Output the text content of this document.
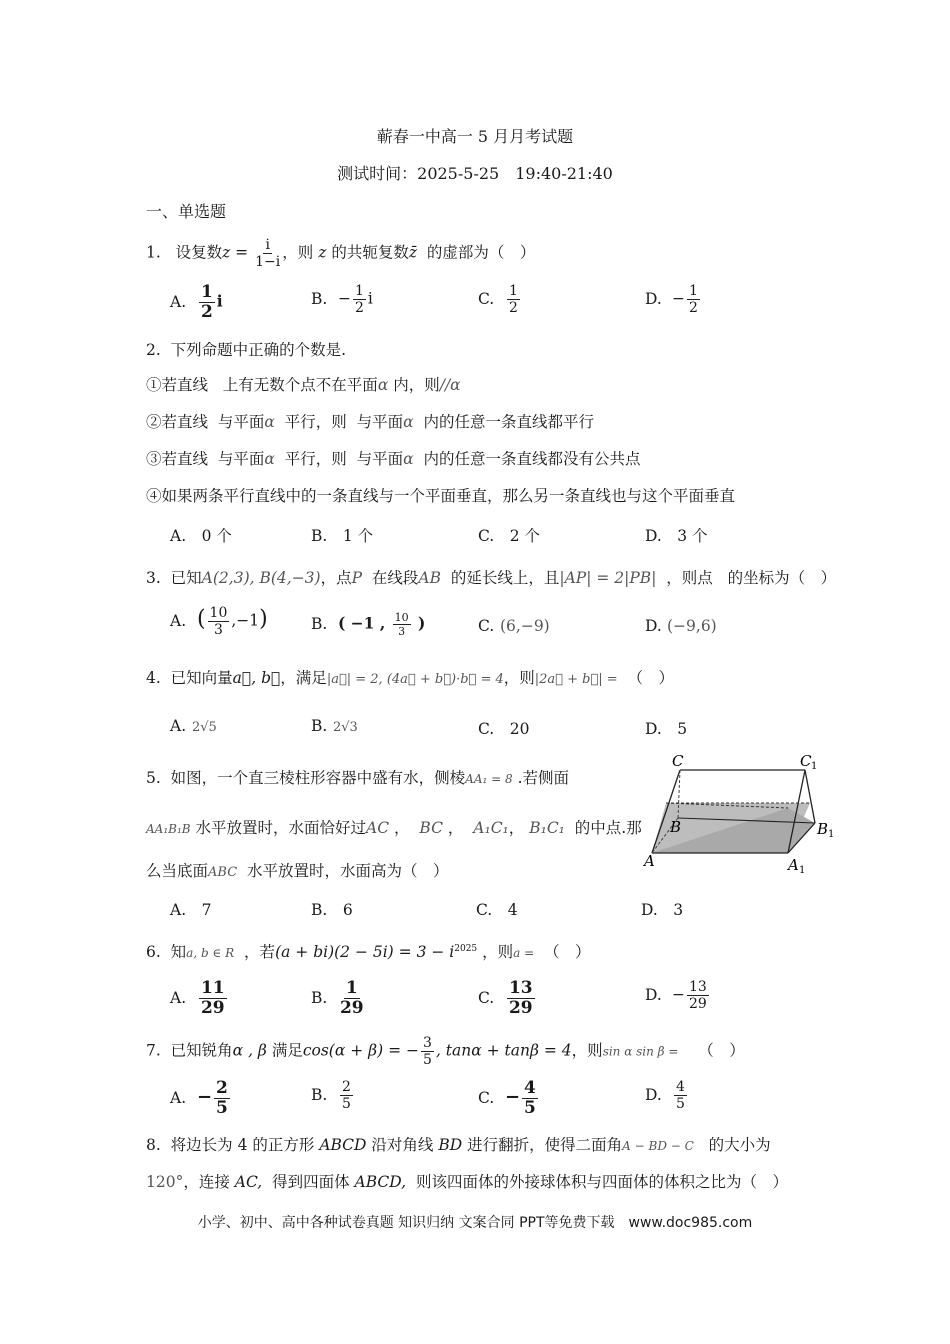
蕲春一中高一 5 月月考试题
测试时间：2025-5-25　19:40-21:40
一、单选题
1. 设复数$z = \frac{i}{1-i}$ ，则 z 的共轭复数z̄ 的虚部为（　）
A. $\frac{1}{2}$ i	B. − $\frac{1}{2}$ i	C. $\frac{1}{2}$	D. − $\frac{1}{2}$
2. 下列命题中正确的个数是.
①若直线 上有无数个点不在平面α 内，则//α
②若直线 与平面α 平行，则 与平面α 内的任意一条直线都平行
③若直线 与平面α 平行，则 与平面α 内的任意一条直线都没有公共点
④如果两条平行直线中的一条直线与一个平面垂直，那么另一条直线也与这个平面垂直
A.　0 个	B.　1 个	C.　2 个	D.　3 个
3. 已知A(2,3), B(4,−3)，点P 在线段AB 的延长线上，且|AP| = 2|PB| ，则点 的坐标为（　）
A. ( $\frac{10}{3} ,-1$)	B. ( −1 , $\frac{10}{3}$ )	C. (6,−9)	D. (−9,6)
4. 已知向量a⃗, b⃗，满足|a⃗| = 2, (4a⃗ + b⃗)·b⃗ = 4，则|2a⃗ + b⃗| = （　）
A. 2√5	B. 2√3	C.　20	D.　5
5. 如图，一个直三棱柱形容器中盛有水，侧棱AA₁ = 8 .若侧面
AA₁B₁B 水平放置时，水面恰好过AC ， BC ， A₁C₁， B₁C₁ 的中点.那
么当底面ABC 水平放置时，水面高为（　）
C	C 1
B	B 1
A	A 1
A.　7	B.　6	C.　4	D.　3
6. 知a, b ∈ R ，若$(a + bi)(2 - 5i) = 3 - i^{2025}$ ，则a = （　）
A. $\frac{11}{29}$	B. $\frac{1}{29}$	C. $\frac{13}{29}$	D. − $\frac{13}{29}$
7. 已知锐角α , β 满足cos(α + β) = − $\frac{3}{5}$ , tanα + tanβ = 4，则sin α sin β = （　）
A. − $\frac{2}{5}$	B. $\frac{2}{5}$	C. − $\frac{4}{5}$	D. $\frac{4}{5}$
8. 将边长为 4 的正方形 ABCD 沿对角线 BD 进行翻折，使得二面角A − BD − C 的大小为
120°，连接 AC, 得到四面体 ABCD, 则该四面体的外接球体积与四面体的体积之比为（　）
小学、初中、高中各种试卷真题 知识归纳 文案合同 PPT等免费下载　www.doc985.com
